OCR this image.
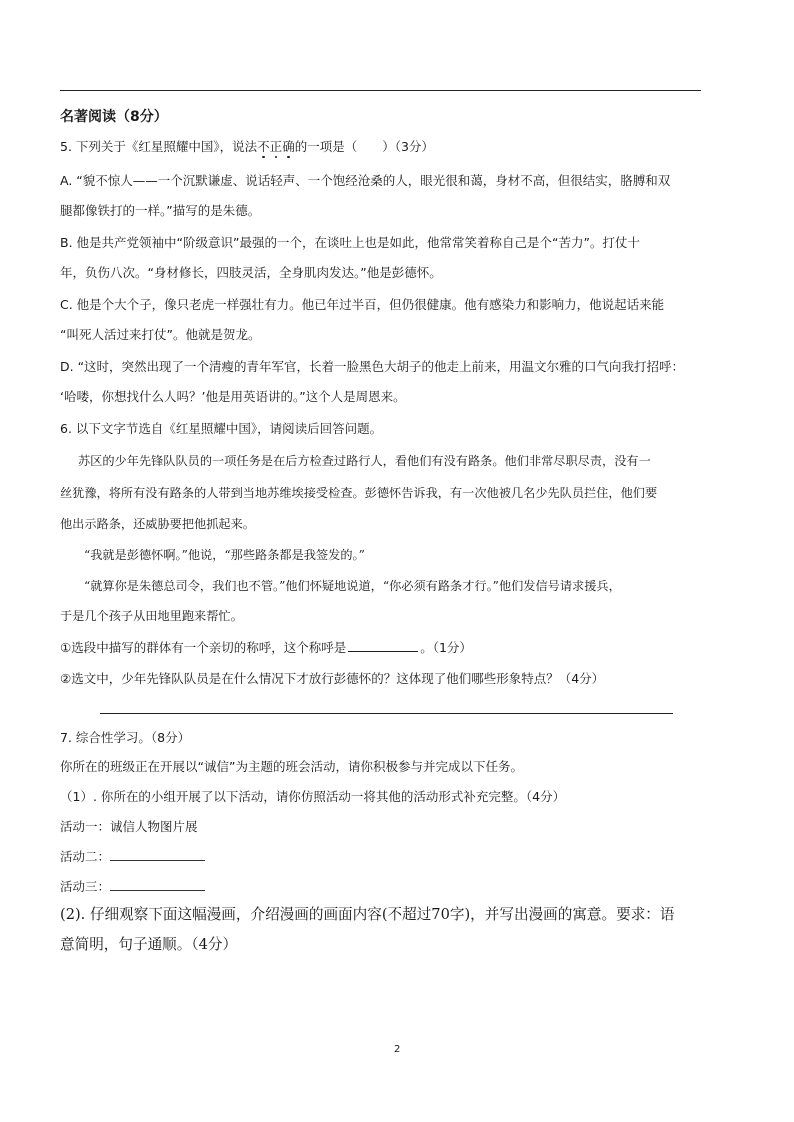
名著阅读（8分）
5. 下列关于《红星照耀中国》，说法不正确的一项是（　　）（3分）
A. “貌不惊人——一个沉默谦虚、说话轻声、一个饱经沧桑的人，眼光很和蔼，身材不高，但很结实，胳膊和双
腿都像铁打的一样。”描写的是朱德。
B. 他是共产党领袖中“阶级意识”最强的一个，在谈吐上也是如此，他常常笑着称自己是个“苦力”。打仗十
年，负伤八次。“身材修长，四肢灵活，全身肌肉发达。”他是彭德怀。
C. 他是个大个子，像只老虎一样强壮有力。他已年过半百，但仍很健康。他有感染力和影响力，他说起话来能
“叫死人活过来打仗”。他就是贺龙。
D. “这时，突然出现了一个清瘦的青年军官，长着一脸黑色大胡子的他走上前来，用温文尔雅的口气向我打招呼：
‘哈喽，你想找什么人吗？’他是用英语讲的。”这个人是周恩来。
6. 以下文字节选自《红星照耀中国》，请阅读后回答问题。
苏区的少年先锋队队员的一项任务是在后方检查过路行人，看他们有没有路条。他们非常尽职尽责，没有一
丝犹豫，将所有没有路条的人带到当地苏维埃接受检查。彭德怀告诉我，有一次他被几名少先队员拦住，他们要
他出示路条，还威胁要把他抓起来。
“我就是彭德怀啊。”他说，“那些路条都是我签发的。”
“就算你是朱德总司令，我们也不管。”他们怀疑地说道，“你必须有路条才行。”他们发信号请求援兵，
于是几个孩子从田地里跑来帮忙。
①选段中描写的群体有一个亲切的称呼，这个称呼是	。（1分）
②选文中，少年先锋队队员是在什么情况下才放行彭德怀的？这体现了他们哪些形象特点？（4分）
7. 综合性学习。（8分）
你所在的班级正在开展以“诚信”为主题的班会活动，请你积极参与并完成以下任务。
（1）. 你所在的小组开展了以下活动，请你仿照活动一将其他的活动形式补充完整。（4分）
活动一：诚信人物图片展
活动二：
活动三：
(2). 仔细观察下面这幅漫画，介绍漫画的画面内容(不超过70字)，并写出漫画的寓意。要求：语
意简明，句子通顺。（4分）
2
